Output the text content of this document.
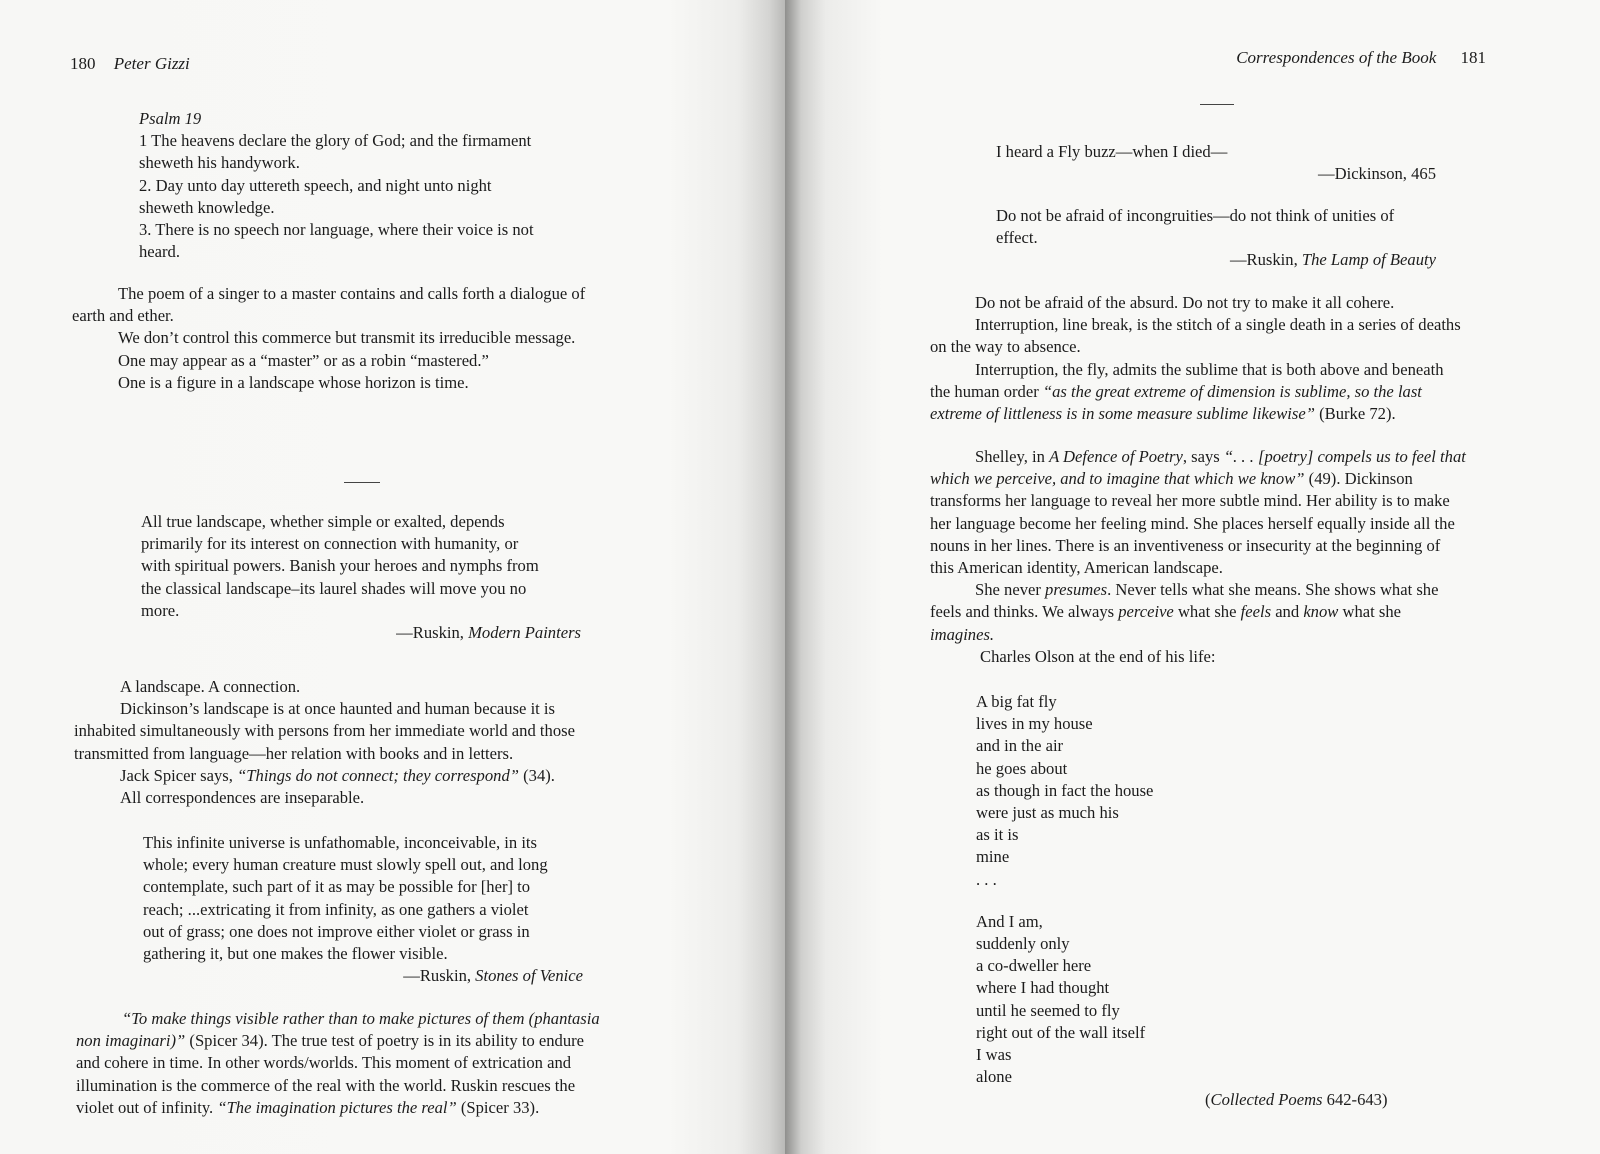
180 Peter Gizzi
Psalm 19
1 The heavens declare the glory of God; and the firmament
sheweth his handywork.
2. Day unto day uttereth speech, and night unto night
sheweth knowledge.
3. There is no speech nor language, where their voice is not
heard.
The poem of a singer to a master contains and calls forth a dialogue of
earth and ether.
We don’t control this commerce but transmit its irreducible message.
One may appear as a “master” or as a robin “mastered.”
One is a figure in a landscape whose horizon is time.
All true landscape, whether simple or exalted, depends
primarily for its interest on connection with humanity, or
with spiritual powers. Banish your heroes and nymphs from
the classical landscape–its laurel shades will move you no
more.
—Ruskin, Modern Painters
A landscape. A connection.
Dickinson’s landscape is at once haunted and human because it is
inhabited simultaneously with persons from her immediate world and those
transmitted from language—her relation with books and in letters.
Jack Spicer says, “Things do not connect; they correspond” (34).
All correspondences are inseparable.
This infinite universe is unfathomable, inconceivable, in its
whole; every human creature must slowly spell out, and long
contemplate, such part of it as may be possible for [her] to
reach; ...extricating it from infinity, as one gathers a violet
out of grass; one does not improve either violet or grass in
gathering it, but one makes the flower visible.
—Ruskin, Stones of Venice
“To make things visible rather than to make pictures of them (phantasia
non imaginari)” (Spicer 34). The true test of poetry is in its ability to endure
and cohere in time. In other words/worlds. This moment of extrication and
illumination is the commerce of the real with the world. Ruskin rescues the
violet out of infinity. “The imagination pictures the real” (Spicer 33).
Correspondences of the Book 181
I heard a Fly buzz—when I died—
—Dickinson, 465
Do not be afraid of incongruities—do not think of unities of
effect.
—Ruskin, The Lamp of Beauty
Do not be afraid of the absurd. Do not try to make it all cohere.
Interruption, line break, is the stitch of a single death in a series of deaths
on the way to absence.
Interruption, the fly, admits the sublime that is both above and beneath
the human order “as the great extreme of dimension is sublime, so the last
extreme of littleness is in some measure sublime likewise” (Burke 72).
Shelley, in A Defence of Poetry, says “. . . [poetry] compels us to feel that
which we perceive, and to imagine that which we know” (49). Dickinson
transforms her language to reveal her more subtle mind. Her ability is to make
her language become her feeling mind. She places herself equally inside all the
nouns in her lines. There is an inventiveness or insecurity at the beginning of
this American identity, American landscape.
She never presumes. Never tells what she means. She shows what she
feels and thinks. We always perceive what she feels and know what she
imagines.
Charles Olson at the end of his life:
A big fat fly
lives in my house
and in the air
he goes about
as though in fact the house
were just as much his
as it is
mine
. . .
And I am,
suddenly only
a co-dweller here
where I had thought
until he seemed to fly
right out of the wall itself
I was
alone
(Collected Poems 642-643)
